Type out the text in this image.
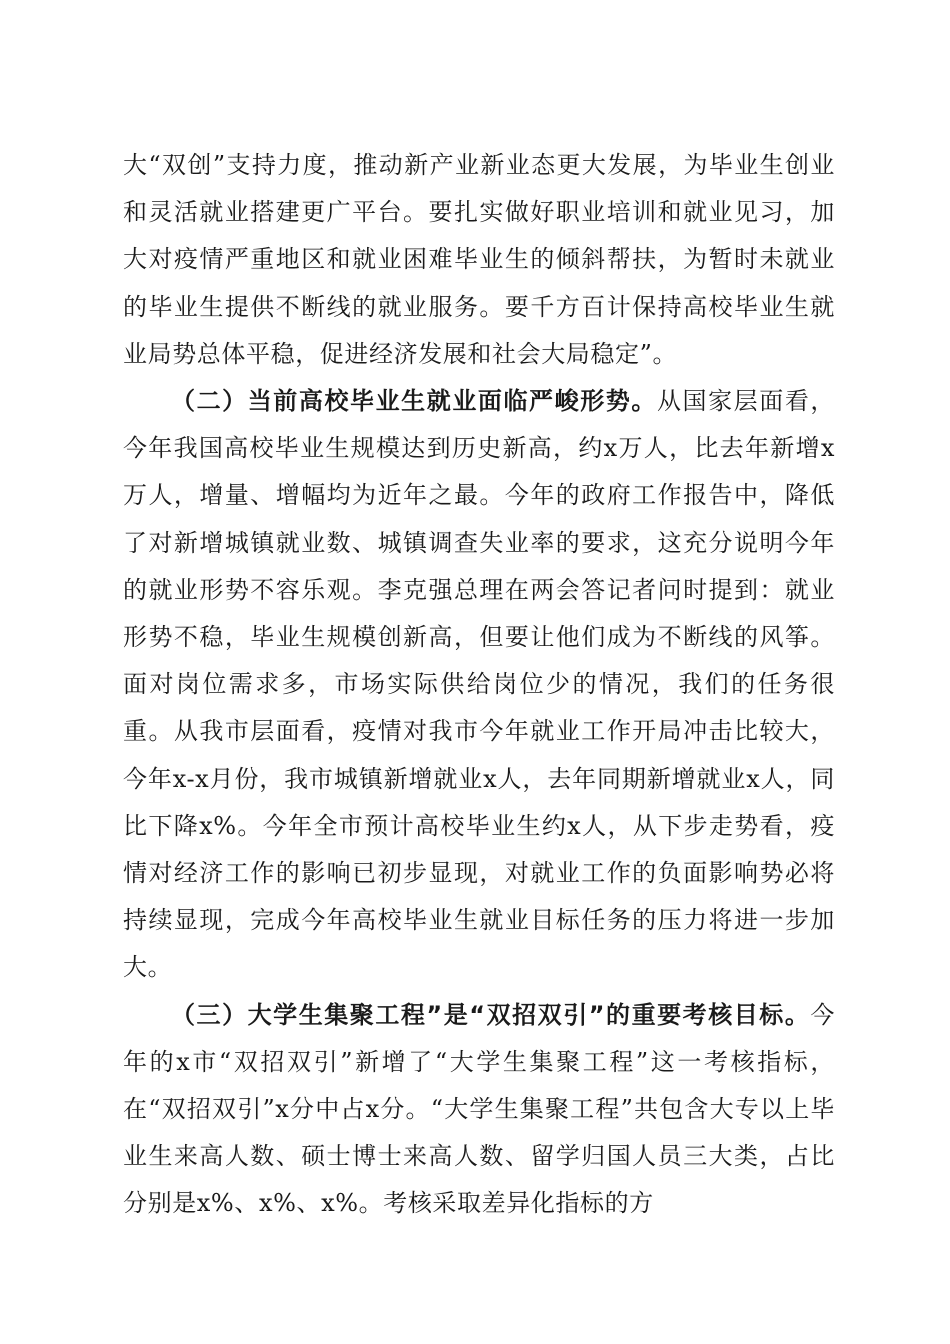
大“双创”支持力度，推动新产业新业态更大发展，为毕业生创业和灵活就业搭建更广平台。要扎实做好职业培训和就业见习，加大对疫情严重地区和就业困难毕业生的倾斜帮扶，为暂时未就业的毕业生提供不断线的就业服务。要千方百计保持高校毕业生就业局势总体平稳，促进经济发展和社会大局稳定”。

（二）当前高校毕业生就业面临严峻形势。从国家层面看，今年我国高校毕业生规模达到历史新高，约x万人，比去年新增x万人，增量、增幅均为近年之最。今年的政府工作报告中，降低了对新增城镇就业数、城镇调查失业率的要求，这充分说明今年的就业形势不容乐观。李克强总理在两会答记者问时提到：就业形势不稳，毕业生规模创新高，但要让他们成为不断线的风筝。面对岗位需求多，市场实际供给岗位少的情况，我们的任务很重。从我市层面看，疫情对我市今年就业工作开局冲击比较大，今年x-x月份，我市城镇新增就业x人，去年同期新增就业x人，同比下降x%。今年全市预计高校毕业生约x人，从下步走势看，疫情对经济工作的影响已初步显现，对就业工作的负面影响势必将持续显现，完成今年高校毕业生就业目标任务的压力将进一步加大。

（三）大学生集聚工程”是“双招双引”的重要考核目标。今年的x市“双招双引”新增了“大学生集聚工程”这一考核指标，在“双招双引”x分中占x分。“大学生集聚工程”共包含大专以上毕业生来高人数、硕士博士来高人数、留学归国人员三大类，占比分别是x%、x%、x%。考核采取差异化指标的方
